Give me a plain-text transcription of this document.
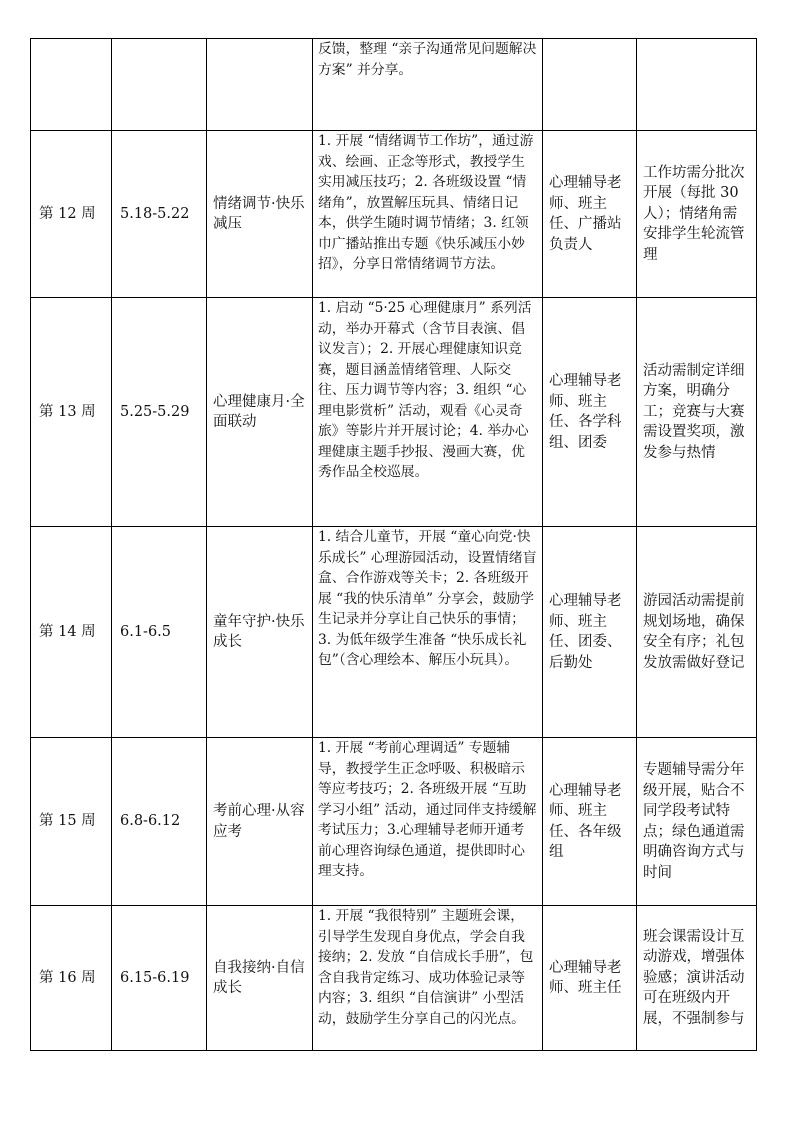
			反馈，整理 “亲子沟通常见问题解决方案” 并分享。		
第 12 周	5.18-5.22	情绪调节·快乐减压	1. 开展 “情绪调节工作坊”，通过游戏、绘画、正念等形式，教授学生实用减压技巧；2. 各班级设置 “情绪角”，放置解压玩具、情绪日记本，供学生随时调节情绪；3. 红领巾广播站推出专题《快乐减压小妙招》，分享日常情绪调节方法。	心理辅导老师、班主任、广播站负责人	工作坊需分批次开展（每批 30 人）；情绪角需安排学生轮流管理
第 13 周	5.25-5.29	心理健康月·全面联动	1. 启动 “5·25 心理健康月” 系列活动，举办开幕式（含节目表演、倡议发言）；2. 开展心理健康知识竞赛，题目涵盖情绪管理、人际交往、压力调节等内容；3. 组织 “心理电影赏析” 活动，观看《心灵奇旅》等影片并开展讨论；4. 举办心理健康主题手抄报、漫画大赛，优秀作品全校巡展。	心理辅导老师、班主任、各学科组、团委	活动需制定详细方案，明确分工；竞赛与大赛需设置奖项，激发参与热情
第 14 周	6.1-6.5	童年守护·快乐成长	1. 结合儿童节，开展 “童心向党·快乐成长” 心理游园活动，设置情绪盲盒、合作游戏等关卡；2. 各班级开展 “我的快乐清单” 分享会，鼓励学生记录并分享让自己快乐的事情；3. 为低年级学生准备 “快乐成长礼包”（含心理绘本、解压小玩具）。	心理辅导老师、班主任、团委、后勤处	游园活动需提前规划场地，确保安全有序；礼包发放需做好登记
第 15 周	6.8-6.12	考前心理·从容应考	1. 开展 “考前心理调适” 专题辅导，教授学生正念呼吸、积极暗示等应考技巧；2. 各班级开展 “互助学习小组” 活动，通过同伴支持缓解考试压力；3.心理辅导老师开通考前心理咨询绿色通道，提供即时心理支持。	心理辅导老师、班主任、各年级组	专题辅导需分年级开展，贴合不同学段考试特点；绿色通道需明确咨询方式与时间
第 16 周	6.15-6.19	自我接纳·自信成长	1. 开展 “我很特别” 主题班会课，引导学生发现自身优点，学会自我接纳；2. 发放 “自信成长手册”，包含自我肯定练习、成功体验记录等内容；3. 组织 “自信演讲” 小型活动，鼓励学生分享自己的闪光点。	心理辅导老师、班主任	班会课需设计互动游戏，增强体验感；演讲活动可在班级内开展，不强制参与
